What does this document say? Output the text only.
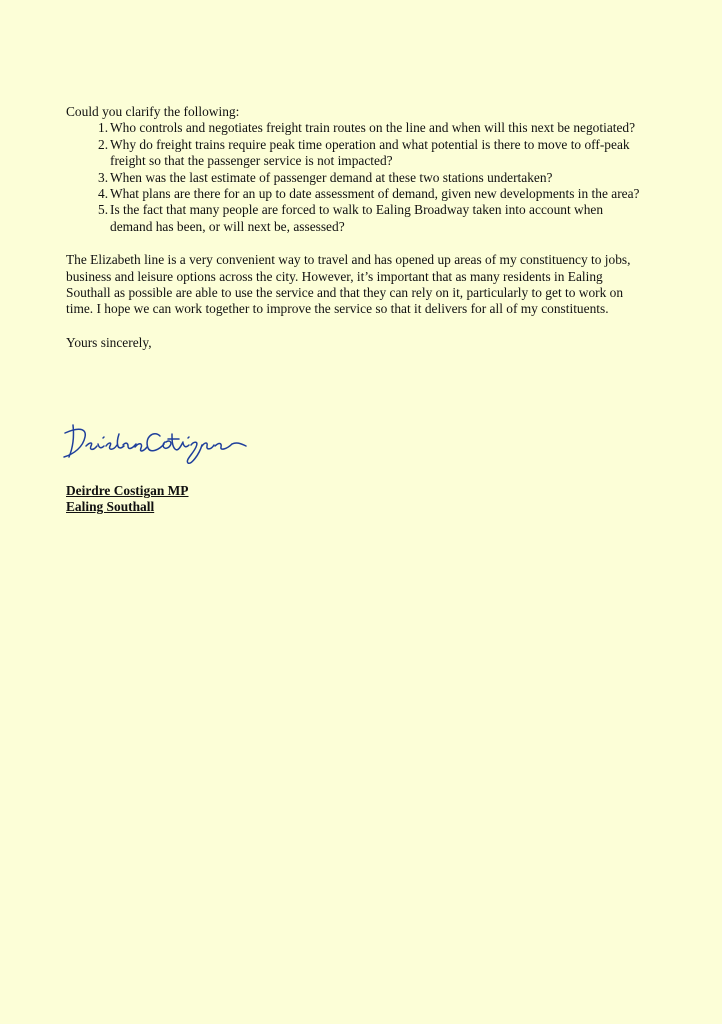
Could you clarify the following:

1. Who controls and negotiates freight train routes on the line and when will this next be negotiated?
2. Why do freight trains require peak time operation and what potential is there to move to off-peak freight so that the passenger service is not impacted?
3. When was the last estimate of passenger demand at these two stations undertaken?
4. What plans are there for an up to date assessment of demand, given new developments in the area?
5. Is the fact that many people are forced to walk to Ealing Broadway taken into account when demand has been, or will next be, assessed?

The Elizabeth line is a very convenient way to travel and has opened up areas of my constituency to jobs, business and leisure options across the city. However, it’s important that as many residents in Ealing Southall as possible are able to use the service and that they can rely on it, particularly to get to work on time. I hope we can work together to improve the service so that it delivers for all of my constituents.

Yours sincerely,

Deirdre Costigan MP
Ealing Southall
